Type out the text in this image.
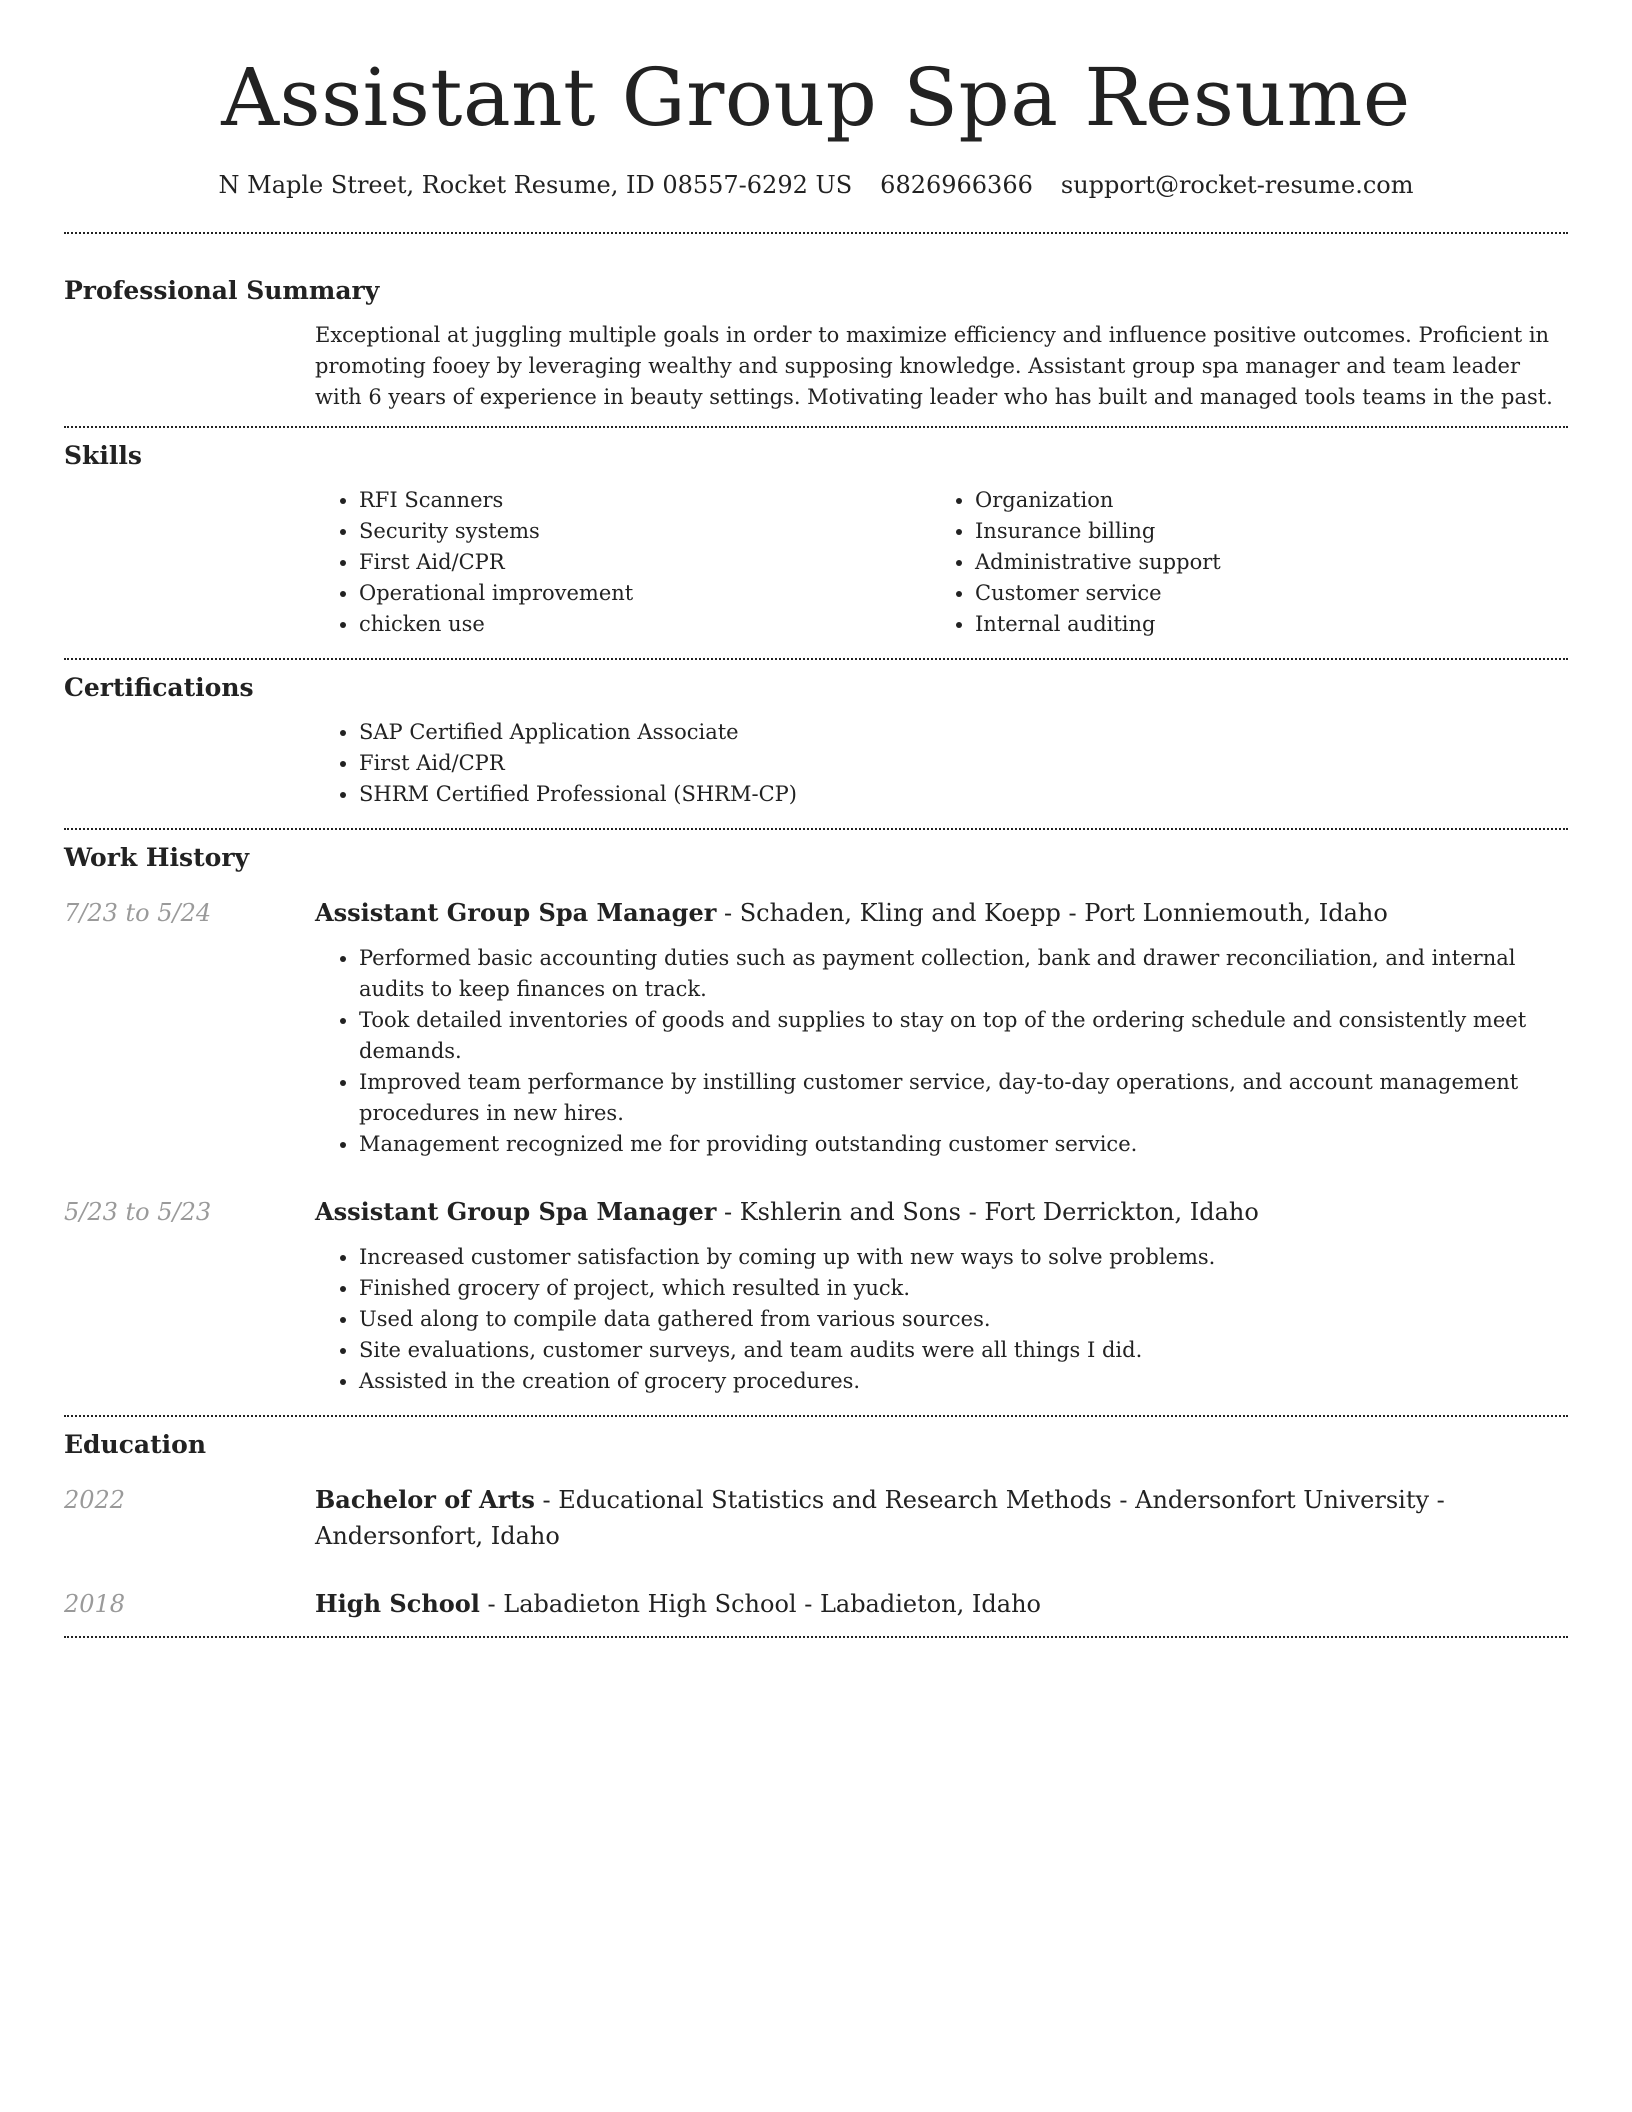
Assistant Group Spa Resume
N Maple Street, Rocket Resume, ID 08557-6292 US 6826966366 support@rocket-resume.com
Professional Summary
Exceptional at juggling multiple goals in order to maximize efficiency and influence positive outcomes. Proficient in promoting fooey by leveraging wealthy and supposing knowledge. Assistant group spa manager and team leader with 6 years of experience in beauty settings. Motivating leader who has built and managed tools teams in the past.
Skills
• RFI Scanners
• Security systems
• First Aid/CPR
• Operational improvement
• chicken use
• Organization
• Insurance billing
• Administrative support
• Customer service
• Internal auditing
Certifications
• SAP Certified Application Associate
• First Aid/CPR
• SHRM Certified Professional (SHRM-CP)
Work History
7/23 to 5/24	Assistant Group Spa Manager - Schaden, Kling and Koepp - Port Lonniemouth, Idaho
• Performed basic accounting duties such as payment collection, bank and drawer reconciliation, and internal audits to keep finances on track.
• Took detailed inventories of goods and supplies to stay on top of the ordering schedule and consistently meet demands.
• Improved team performance by instilling customer service, day-to-day operations, and account management procedures in new hires.
• Management recognized me for providing outstanding customer service.
5/23 to 5/23	Assistant Group Spa Manager - Kshlerin and Sons - Fort Derrickton, Idaho
• Increased customer satisfaction by coming up with new ways to solve problems.
• Finished grocery of project, which resulted in yuck.
• Used along to compile data gathered from various sources.
• Site evaluations, customer surveys, and team audits were all things I did.
• Assisted in the creation of grocery procedures.
Education
2022	Bachelor of Arts - Educational Statistics and Research Methods - Andersonfort University - Andersonfort, Idaho
2018	High School - Labadieton High School - Labadieton, Idaho
